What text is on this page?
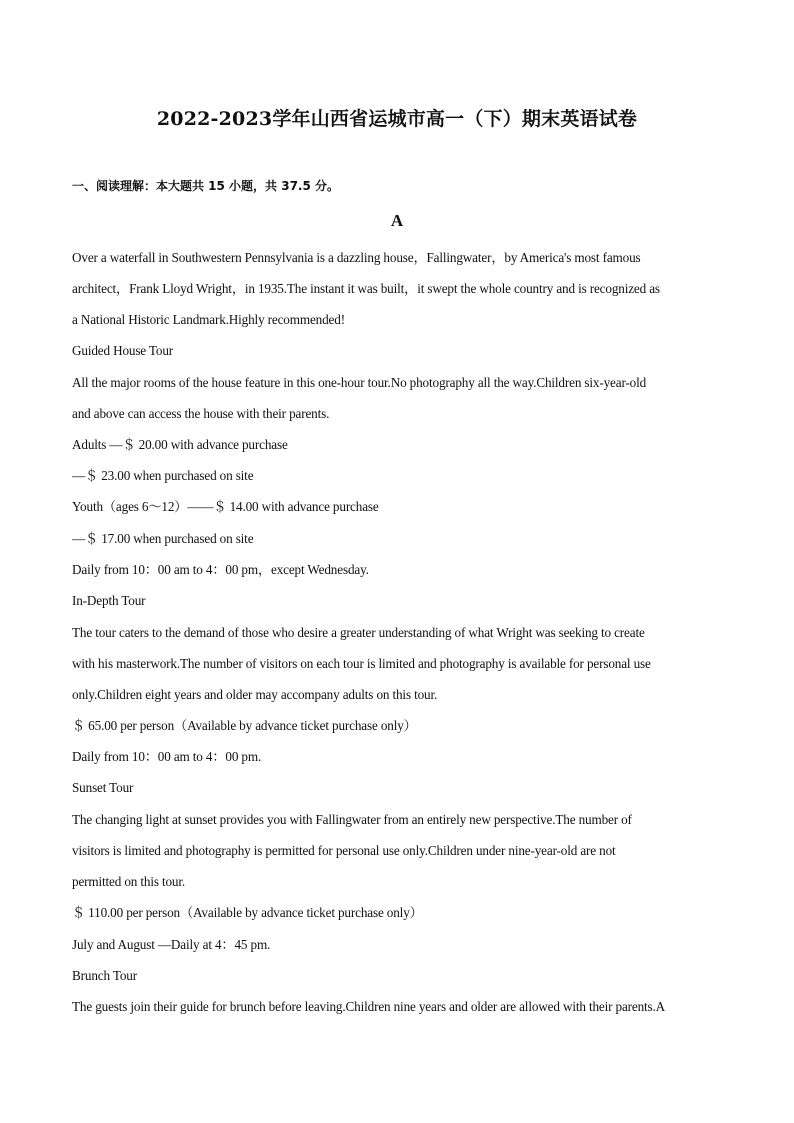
2022-2023学年山西省运城市高一（下）期末英语试卷
一、阅读理解：本大题共 15 小题，共 37.5 分。
A
Over a waterfall in Southwestern Pennsylvania is a dazzling house，Fallingwater，by America's most famous
architect，Frank Lloyd Wright，in 1935.The instant it was built，it swept the whole country and is recognized as
a National Historic Landmark.Highly recommended!
Guided House Tour
All the major rooms of the house feature in this one-hour tour.No photography all the way.Children six-year-old
and above can access the house with their parents.
Adults —＄ 20.00 with advance purchase
—＄ 23.00 when purchased on site
Youth（ages 6～12）——＄ 14.00 with advance purchase
—＄ 17.00 when purchased on site
Daily from 10：00 am to 4：00 pm，except Wednesday.
In-Depth Tour
The tour caters to the demand of those who desire a greater understanding of what Wright was seeking to create
with his masterwork.The number of visitors on each tour is limited and photography is available for personal use
only.Children eight years and older may accompany adults on this tour.
＄ 65.00 per person（Available by advance ticket purchase only）
Daily from 10：00 am to 4：00 pm.
Sunset Tour
The changing light at sunset provides you with Fallingwater from an entirely new perspective.The number of
visitors is limited and photography is permitted for personal use only.Children under nine-year-old are not
permitted on this tour.
＄ 110.00 per person（Available by advance ticket purchase only）
July and August —Daily at 4：45 pm.
Brunch Tour
The guests join their guide for brunch before leaving.Children nine years and older are allowed with their parents.A
